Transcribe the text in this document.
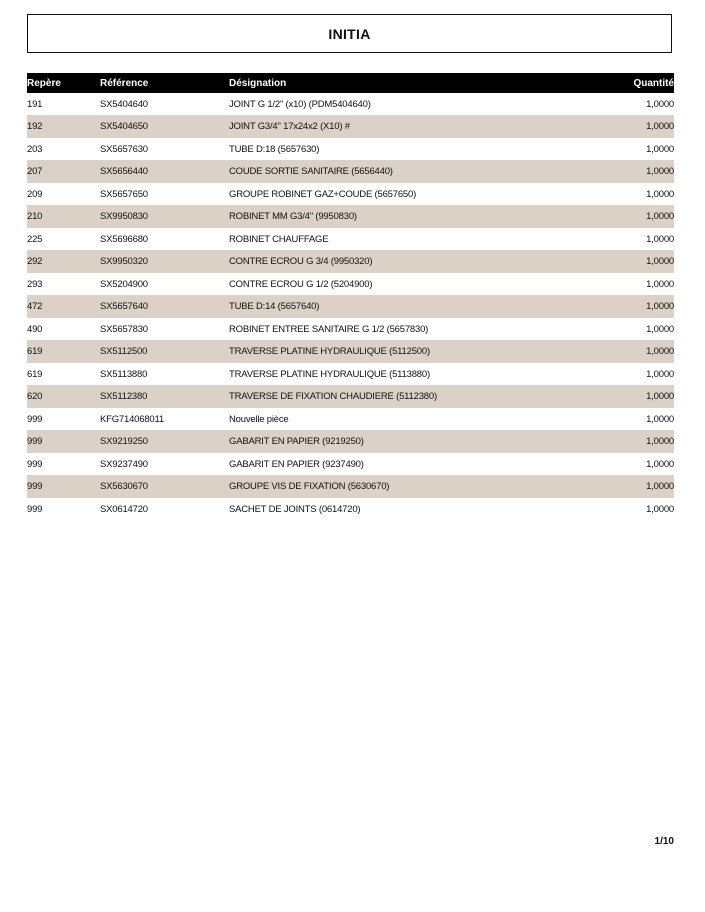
INITIA
Repère	Référence	Désignation	Quantité
191	SX5404640	JOINT G 1/2" (x10) (PDM5404640)	1,0000
192	SX5404650	JOINT G3/4" 17x24x2 (X10) #	1,0000
203	SX5657630	TUBE D:18 (5657630)	1,0000
207	SX5656440	COUDE SORTIE SANITAIRE (5656440)	1,0000
209	SX5657650	GROUPE ROBINET GAZ+COUDE (5657650)	1,0000
210	SX9950830	ROBINET MM G3/4" (9950830)	1,0000
225	SX5696680	ROBINET CHAUFFAGE	1,0000
292	SX9950320	CONTRE ECROU G 3/4 (9950320)	1,0000
293	SX5204900	CONTRE ECROU G 1/2 (5204900)	1,0000
472	SX5657640	TUBE D:14 (5657640)	1,0000
490	SX5657830	ROBINET ENTREE SANITAIRE G 1/2 (5657830)	1,0000
619	SX5112500	TRAVERSE PLATINE HYDRAULIQUE (5112500)	1,0000
619	SX5113880	TRAVERSE PLATINE HYDRAULIQUE (5113880)	1,0000
620	SX5112380	TRAVERSE DE FIXATION CHAUDIERE (5112380)	1,0000
999	KFG714068011	Nouvelle pièce	1,0000
999	SX9219250	GABARIT EN PAPIER (9219250)	1,0000
999	SX9237490	GABARIT EN PAPIER (9237490)	1,0000
999	SX5630670	GROUPE VIS DE FIXATION (5630670)	1,0000
999	SX0614720	SACHET DE JOINTS (0614720)	1,0000
1/10
